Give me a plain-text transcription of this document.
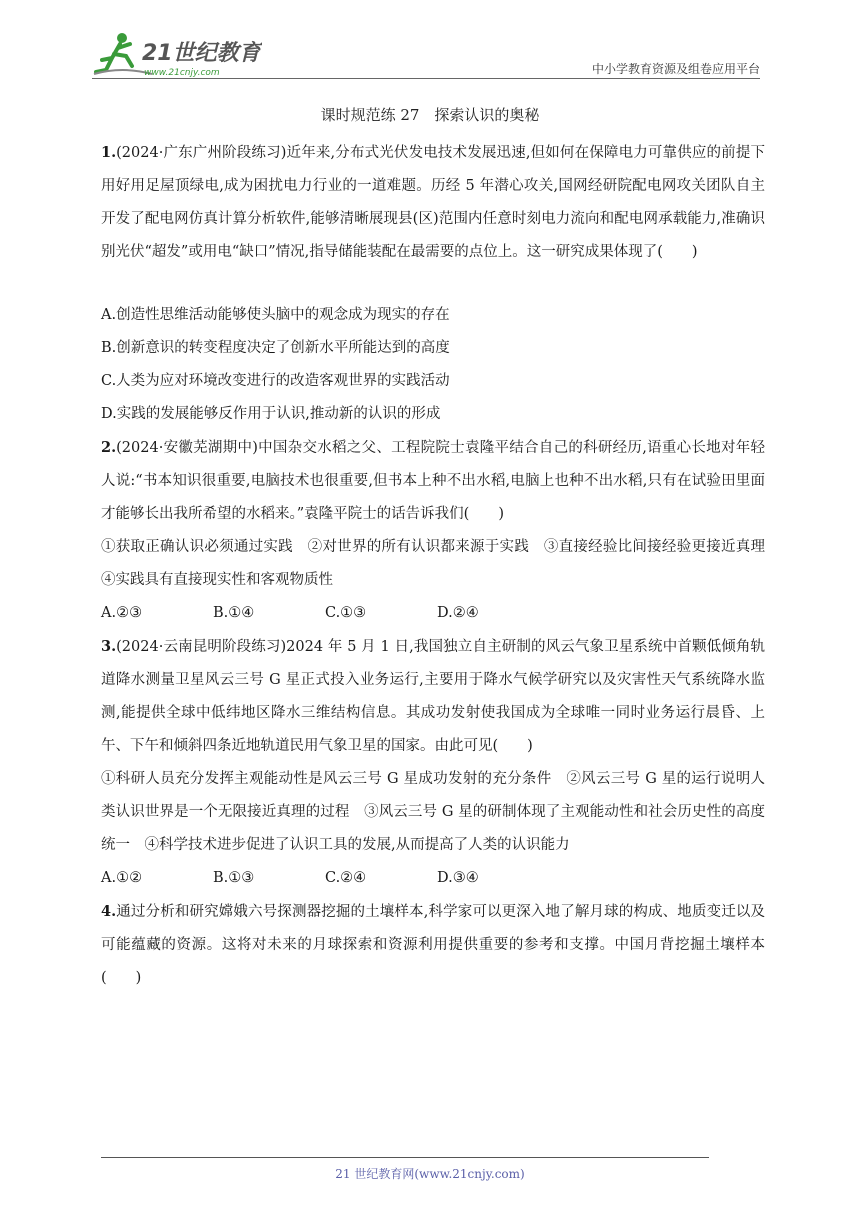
21世纪教育
www.21cnjy.com	中小学教育资源及组卷应用平台
课时规范练 27　探索认识的奥秘

1.(2024·广东广州阶段练习)近年来,分布式光伏发电技术发展迅速,但如何在保障电力可靠供应的前提下用好用足屋顶绿电,成为困扰电力行业的一道难题。历经 5 年潜心攻关,国网经研院配电网攻关团队自主开发了配电网仿真计算分析软件,能够清晰展现县(区)范围内任意时刻电力流向和配电网承载能力,准确识别光伏“超发”或用电“缺口”情况,指导储能装配在最需要的点位上。这一研究成果体现了(　　)

A.创造性思维活动能够使头脑中的观念成为现实的存在

B.创新意识的转变程度决定了创新水平所能达到的高度

C.人类为应对环境改变进行的改造客观世界的实践活动

D.实践的发展能够反作用于认识,推动新的认识的形成

2.(2024·安徽芜湖期中)中国杂交水稻之父、工程院院士袁隆平结合自己的科研经历,语重心长地对年轻人说:“书本知识很重要,电脑技术也很重要,但书本上种不出水稻,电脑上也种不出水稻,只有在试验田里面才能够长出我所希望的水稻来。”袁隆平院士的话告诉我们(　　)

①获取正确认识必须通过实践　②对世界的所有认识都来源于实践　③直接经验比间接经验更接近真理　④实践具有直接现实性和客观物质性

A.②③	B.①④	C.①③	D.②④

3.(2024·云南昆明阶段练习)2024 年 5 月 1 日,我国独立自主研制的风云气象卫星系统中首颗低倾角轨道降水测量卫星风云三号 G 星正式投入业务运行,主要用于降水气候学研究以及灾害性天气系统降水监测,能提供全球中低纬地区降水三维结构信息。其成功发射使我国成为全球唯一同时业务运行晨昏、上午、下午和倾斜四条近地轨道民用气象卫星的国家。由此可见(　　)

①科研人员充分发挥主观能动性是风云三号 G 星成功发射的充分条件　②风云三号 G 星的运行说明人类认识世界是一个无限接近真理的过程　③风云三号 G 星的研制体现了主观能动性和社会历史性的高度统一　④科学技术进步促进了认识工具的发展,从而提高了人类的认识能力

A.①②	B.①③	C.②④	D.③④

4.通过分析和研究嫦娥六号探测器挖掘的土壤样本,科学家可以更深入地了解月球的构成、地质变迁以及可能蕴藏的资源。这将对未来的月球探索和资源利用提供重要的参考和支撑。中国月背挖掘土壤样本(　　)

21 世纪教育网(www.21cnjy.com)
